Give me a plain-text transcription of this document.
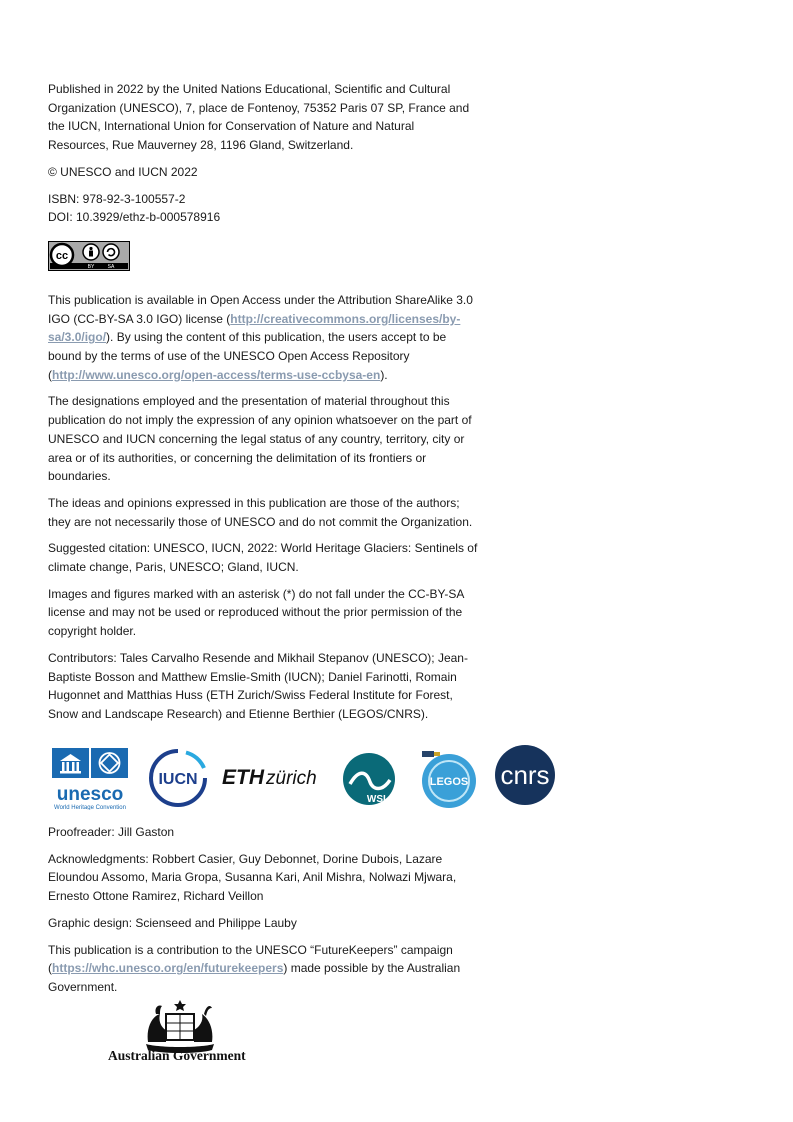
Published in 2022 by the United Nations Educational, Scientific and Cultural Organization (UNESCO), 7, place de Fontenoy, 75352 Paris 07 SP, France and the IUCN, International Union for Conservation of Nature and Natural Resources, Rue Mauverney 28, 1196 Gland, Switzerland.

© UNESCO and IUCN 2022

ISBN: 978-92-3-100557-2

DOI: 10.3929/ethz-b-000578916

cc
BY	SA

This publication is available in Open Access under the Attribution ShareAlike 3.0 IGO (CC-BY-SA 3.0 IGO) license (http://creativecommons.org/licenses/by-sa/3.0/igo/). By using the content of this publication, the users accept to be bound by the terms of use of the UNESCO Open Access Repository (http://www.unesco.org/open-access/terms-use-ccbysa-en).

The designations employed and the presentation of material throughout this publication do not imply the expression of any opinion whatsoever on the part of UNESCO and IUCN concerning the legal status of any country, territory, city or area or of its authorities, or concerning the delimitation of its frontiers or boundaries.

The ideas and opinions expressed in this publication are those of the authors; they are not necessarily those of UNESCO and do not commit the Organization.

Suggested citation: UNESCO, IUCN, 2022: World Heritage Glaciers: Sentinels of climate change, Paris, UNESCO; Gland, IUCN.

Images and figures marked with an asterisk (*) do not fall under the CC-BY-SA license and may not be used or reproduced without the prior permission of the copyright holder.

Contributors: Tales Carvalho Resende and Mikhail Stepanov (UNESCO); Jean-Baptiste Bosson and Matthew Emslie-Smith (IUCN); Daniel Farinotti, Romain Hugonnet and Matthias Huss (ETH Zurich/Swiss Federal Institute for Forest, Snow and Landscape Research) and Etienne Berthier (LEGOS/CNRS).

unesco
World Heritage Convention
IUCN ETH zürich
WSL
LEGOS cnrs

Proofreader: Jill Gaston

Acknowledgments: Robbert Casier, Guy Debonnet, Dorine Dubois, Lazare Eloundou Assomo, Maria Gropa, Susanna Kari, Anil Mishra, Nolwazi Mjwara, Ernesto Ottone Ramirez, Richard Veillon

Graphic design: Scienseed and Philippe Lauby

This publication is a contribution to the UNESCO “FutureKeepers” campaign (https://whc.unesco.org/en/futurekeepers) made possible by the Australian Government.

Australian Government
